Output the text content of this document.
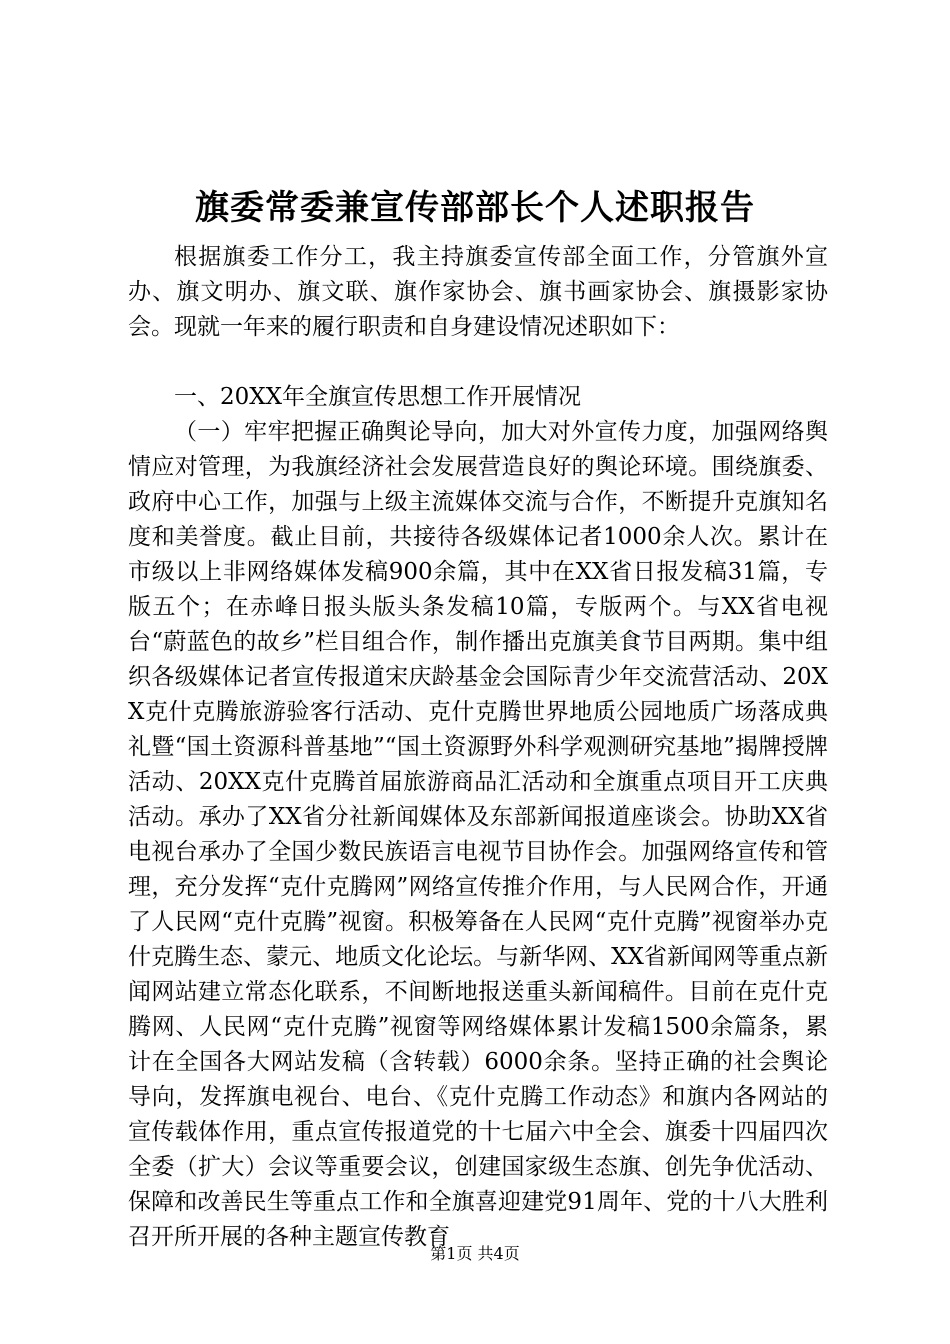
旗委常委兼宣传部部长个人述职报告

根据旗委工作分工，我主持旗委宣传部全面工作，分管旗外宣办、旗文明办、旗文联、旗作家协会、旗书画家协会、旗摄影家协会。现就一年来的履行职责和自身建设情况述职如下：

一、20XX年全旗宣传思想工作开展情况

（一）牢牢把握正确舆论导向，加大对外宣传力度，加强网络舆情应对管理，为我旗经济社会发展营造良好的舆论环境。围绕旗委、政府中心工作，加强与上级主流媒体交流与合作，不断提升克旗知名度和美誉度。截止目前，共接待各级媒体记者1000余人次。累计在市级以上非网络媒体发稿900余篇，其中在XX省日报发稿31篇，专版五个；在赤峰日报头版头条发稿10篇，专版两个。与XX省电视台“蔚蓝色的故乡”栏目组合作，制作播出克旗美食节目两期。集中组织各级媒体记者宣传报道宋庆龄基金会国际青少年交流营活动、20XX克什克腾旅游验客行活动、克什克腾世界地质公园地质广场落成典礼暨“国土资源科普基地”“国土资源野外科学观测研究基地”揭牌授牌活动、20XX克什克腾首届旅游商品汇活动和全旗重点项目开工庆典活动。承办了XX省分社新闻媒体及东部新闻报道座谈会。协助XX省电视台承办了全国少数民族语言电视节目协作会。加强网络宣传和管理，充分发挥“克什克腾网”网络宣传推介作用，与人民网合作，开通了人民网“克什克腾”视窗。积极筹备在人民网“克什克腾”视窗举办克什克腾生态、蒙元、地质文化论坛。与新华网、XX省新闻网等重点新闻网站建立常态化联系，不间断地报送重头新闻稿件。目前在克什克腾网、人民网“克什克腾”视窗等网络媒体累计发稿1500余篇条，累计在全国各大网站发稿（含转载）6000余条。坚持正确的社会舆论导向，发挥旗电视台、电台、《克什克腾工作动态》和旗内各网站的宣传载体作用，重点宣传报道党的十七届六中全会、旗委十四届四次全委（扩大）会议等重要会议，创建国家级生态旗、创先争优活动、保障和改善民生等重点工作和全旗喜迎建党91周年、党的十八大胜利召开所开展的各种主题宣传教育

第1页 共4页
